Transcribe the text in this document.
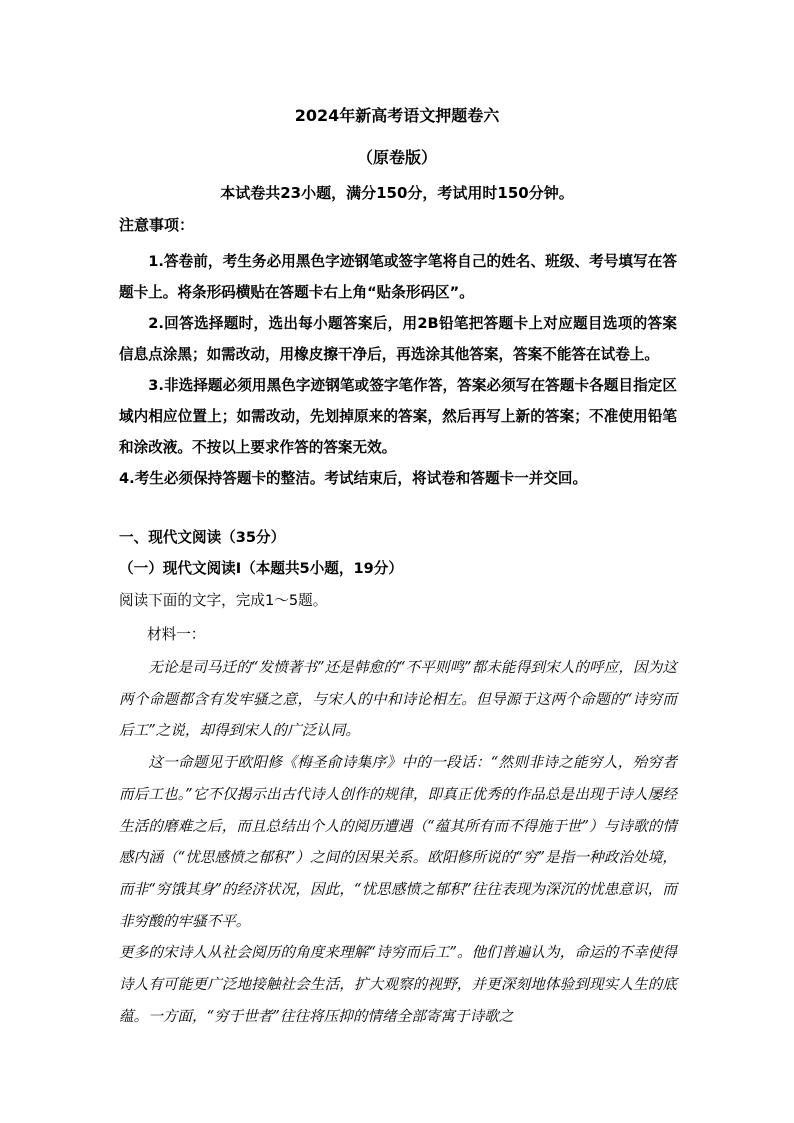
2024年新高考语文押题卷六
（原卷版）
本试卷共23小题，满分150分，考试用时150分钟。
注意事项：

1.答卷前，考生务必用黑色字迹钢笔或签字笔将自己的姓名、班级、考号填写在答题卡上。将条形码横贴在答题卡右上角“贴条形码区”。

2.回答选择题时，选出每小题答案后，用2B铅笔把答题卡上对应题目选项的答案信息点涂黑；如需改动，用橡皮擦干净后，再选涂其他答案，答案不能答在试卷上。

3.非选择题必须用黑色字迹钢笔或签字笔作答，答案必须写在答题卡各题目指定区域内相应位置上；如需改动，先划掉原来的答案，然后再写上新的答案；不准使用铅笔和涂改液。不按以上要求作答的答案无效。

4.考生必须保持答题卡的整洁。考试结束后，将试卷和答题卡一并交回。

一、现代文阅读（35分）
（一）现代文阅读Ⅰ（本题共5小题，19分）
阅读下面的文字，完成1～5题。
材料一：

无论是司马迁的“发愤著书”还是韩愈的“不平则鸣”都未能得到宋人的呼应，因为这两个命题都含有发牢骚之意，与宋人的中和诗论相左。但导源于这两个命题的“诗穷而后工”之说，却得到宋人的广泛认同。

这一命题见于欧阳修《梅圣俞诗集序》中的一段话：“然则非诗之能穷人，殆穷者而后工也。”它不仅揭示出古代诗人创作的规律，即真正优秀的作品总是出现于诗人屡经生活的磨难之后，而且总结出个人的阅历遭遇（“蕴其所有而不得施于世”）与诗歌的情感内涵（“忧思感愤之郁积”）之间的因果关系。欧阳修所说的“穷”是指一种政治处境，而非“穷饿其身”的经济状况，因此，“忧思感愤之郁积”往往表现为深沉的忧患意识，而非穷酸的牢骚不平。

更多的宋诗人从社会阅历的角度来理解“诗穷而后工”。他们普遍认为，命运的不幸使得诗人有可能更广泛地接触社会生活，扩大观察的视野，并更深刻地体验到现实人生的底蕴。一方面，“穷于世者”往往将压抑的情绪全部寄寓于诗歌之
